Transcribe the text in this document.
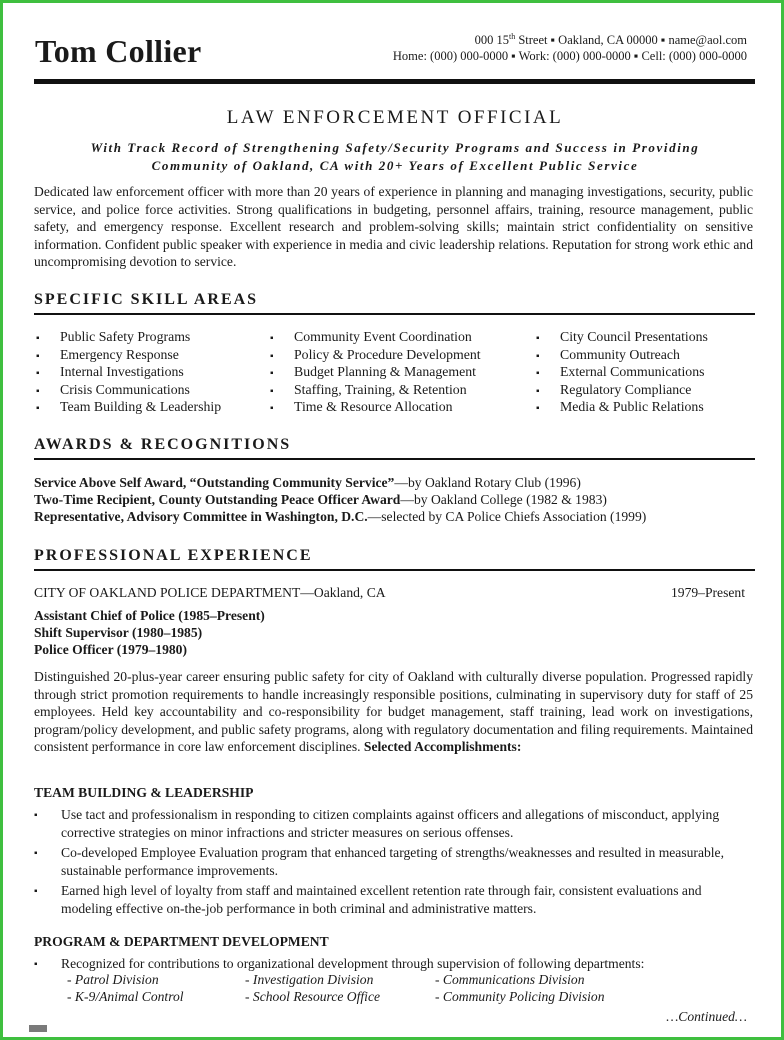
Tom Collier	000 15th Street ▪ Oakland, CA 00000 ▪ name@aol.com
Home: (000) 000-0000 ▪ Work: (000) 000-0000 ▪ Cell: (000) 000-0000
LAW ENFORCEMENT OFFICIAL
With Track Record of Strengthening Safety/Security Programs and Success in Providing
Community of Oakland, CA with 20+ Years of Excellent Public Service
Dedicated law enforcement officer with more than 20 years of experience in planning and managing investigations, security, public service, and police force activities. Strong qualifications in budgeting, personnel affairs, training, resource management, public safety, and emergency response. Excellent research and problem-solving skills; maintain strict confidentiality on sensitive information. Confident public speaker with experience in media and civic leadership relations. Reputation for strong work ethic and uncompromising devotion to service.
SPECIFIC SKILL AREAS
▪ Public Safety Programs
▪ Emergency Response
▪ Internal Investigations
▪ Crisis Communications
▪ Team Building & Leadership
▪ Community Event Coordination
▪ Policy & Procedure Development
▪ Budget Planning & Management
▪ Staffing, Training, & Retention
▪ Time & Resource Allocation
▪ City Council Presentations
▪ Community Outreach
▪ External Communications
▪ Regulatory Compliance
▪ Media & Public Relations
AWARDS & RECOGNITIONS
Service Above Self Award, “Outstanding Community Service”—by Oakland Rotary Club (1996)
Two-Time Recipient, County Outstanding Peace Officer Award—by Oakland College (1982 & 1983)
Representative, Advisory Committee in Washington, D.C.—selected by CA Police Chiefs Association (1999)
PROFESSIONAL EXPERIENCE
CITY OF OAKLAND POLICE DEPARTMENT—Oakland, CA	1979–Present
Assistant Chief of Police (1985–Present)
Shift Supervisor (1980–1985)
Police Officer (1979–1980)
Distinguished 20-plus-year career ensuring public safety for city of Oakland with culturally diverse population. Progressed rapidly through strict promotion requirements to handle increasingly responsible positions, culminating in supervisory duty for staff of 25 employees. Held key accountability and co-responsibility for budget management, staff training, lead work on investigations, program/policy development, and public safety programs, along with regulatory documentation and filing requirements. Maintained consistent performance in core law enforcement disciplines. Selected Accomplishments:
TEAM BUILDING & LEADERSHIP
▪ Use tact and professionalism in responding to citizen complaints against officers and allegations of misconduct, applying corrective strategies on minor infractions and stricter measures on serious offenses.
▪ Co-developed Employee Evaluation program that enhanced targeting of strengths/weaknesses and resulted in measurable, sustainable performance improvements.
▪ Earned high level of loyalty from staff and maintained excellent retention rate through fair, consistent evaluations and modeling effective on-the-job performance in both criminal and administrative matters.
PROGRAM & DEPARTMENT DEVELOPMENT
▪ Recognized for contributions to organizational development through supervision of following departments:
- Patrol Division	- Investigation Division	- Communications Division
- K-9/Animal Control	- School Resource Office	- Community Policing Division
…Continued…
